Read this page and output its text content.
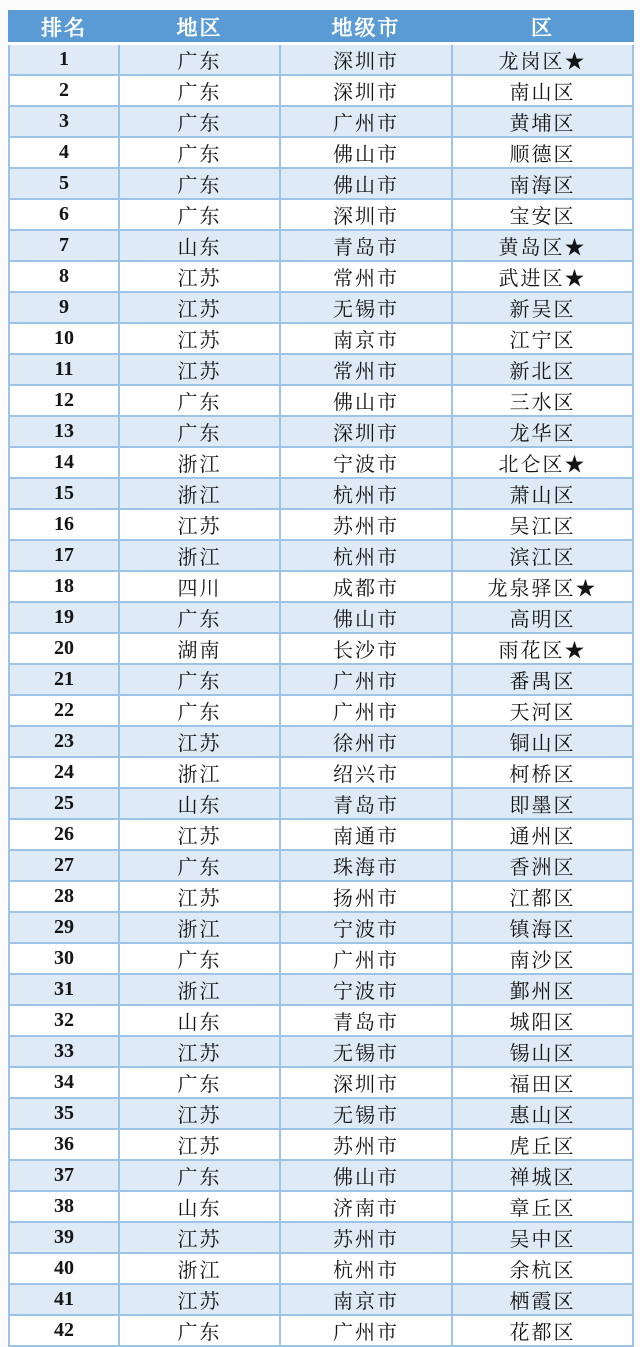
排名	地区	地级市	区
1	广东	深圳市	龙岗区★
2	广东	深圳市	南山区
3	广东	广州市	黄埔区
4	广东	佛山市	顺德区
5	广东	佛山市	南海区
6	广东	深圳市	宝安区
7	山东	青岛市	黄岛区★
8	江苏	常州市	武进区★
9	江苏	无锡市	新吴区
10	江苏	南京市	江宁区
11	江苏	常州市	新北区
12	广东	佛山市	三水区
13	广东	深圳市	龙华区
14	浙江	宁波市	北仑区★
15	浙江	杭州市	萧山区
16	江苏	苏州市	吴江区
17	浙江	杭州市	滨江区
18	四川	成都市	龙泉驿区★
19	广东	佛山市	高明区
20	湖南	长沙市	雨花区★
21	广东	广州市	番禺区
22	广东	广州市	天河区
23	江苏	徐州市	铜山区
24	浙江	绍兴市	柯桥区
25	山东	青岛市	即墨区
26	江苏	南通市	通州区
27	广东	珠海市	香洲区
28	江苏	扬州市	江都区
29	浙江	宁波市	镇海区
30	广东	广州市	南沙区
31	浙江	宁波市	鄞州区
32	山东	青岛市	城阳区
33	江苏	无锡市	锡山区
34	广东	深圳市	福田区
35	江苏	无锡市	惠山区
36	江苏	苏州市	虎丘区
37	广东	佛山市	禅城区
38	山东	济南市	章丘区
39	江苏	苏州市	吴中区
40	浙江	杭州市	余杭区
41	江苏	南京市	栖霞区
42	广东	广州市	花都区
